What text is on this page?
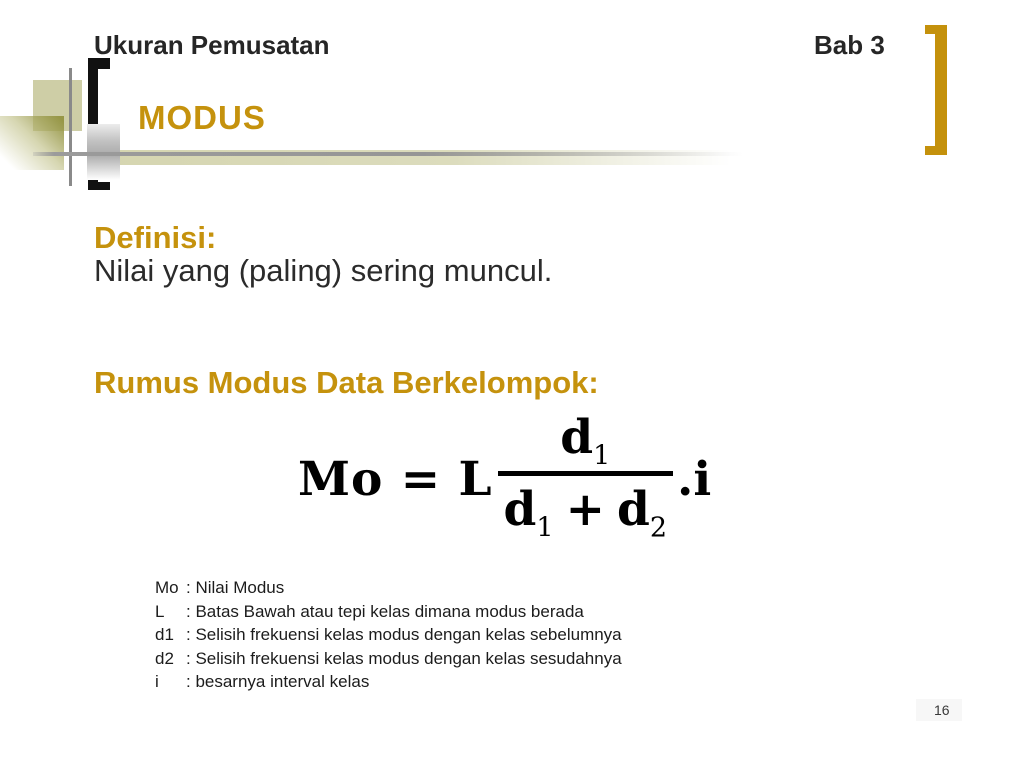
Ukuran Pemusatan	Bab 3
MODUS
Definisi:
Nilai yang (paling) sering muncul.
Rumus Modus Data Berkelompok:
Mo = L $\frac{d1}{d1 + d2} .i$
Mo : Nilai Modus
L : Batas Bawah atau tepi kelas dimana modus berada
d1 : Selisih frekuensi kelas modus dengan kelas sebelumnya
d2 : Selisih frekuensi kelas modus dengan kelas sesudahnya
i : besarnya interval kelas
16
